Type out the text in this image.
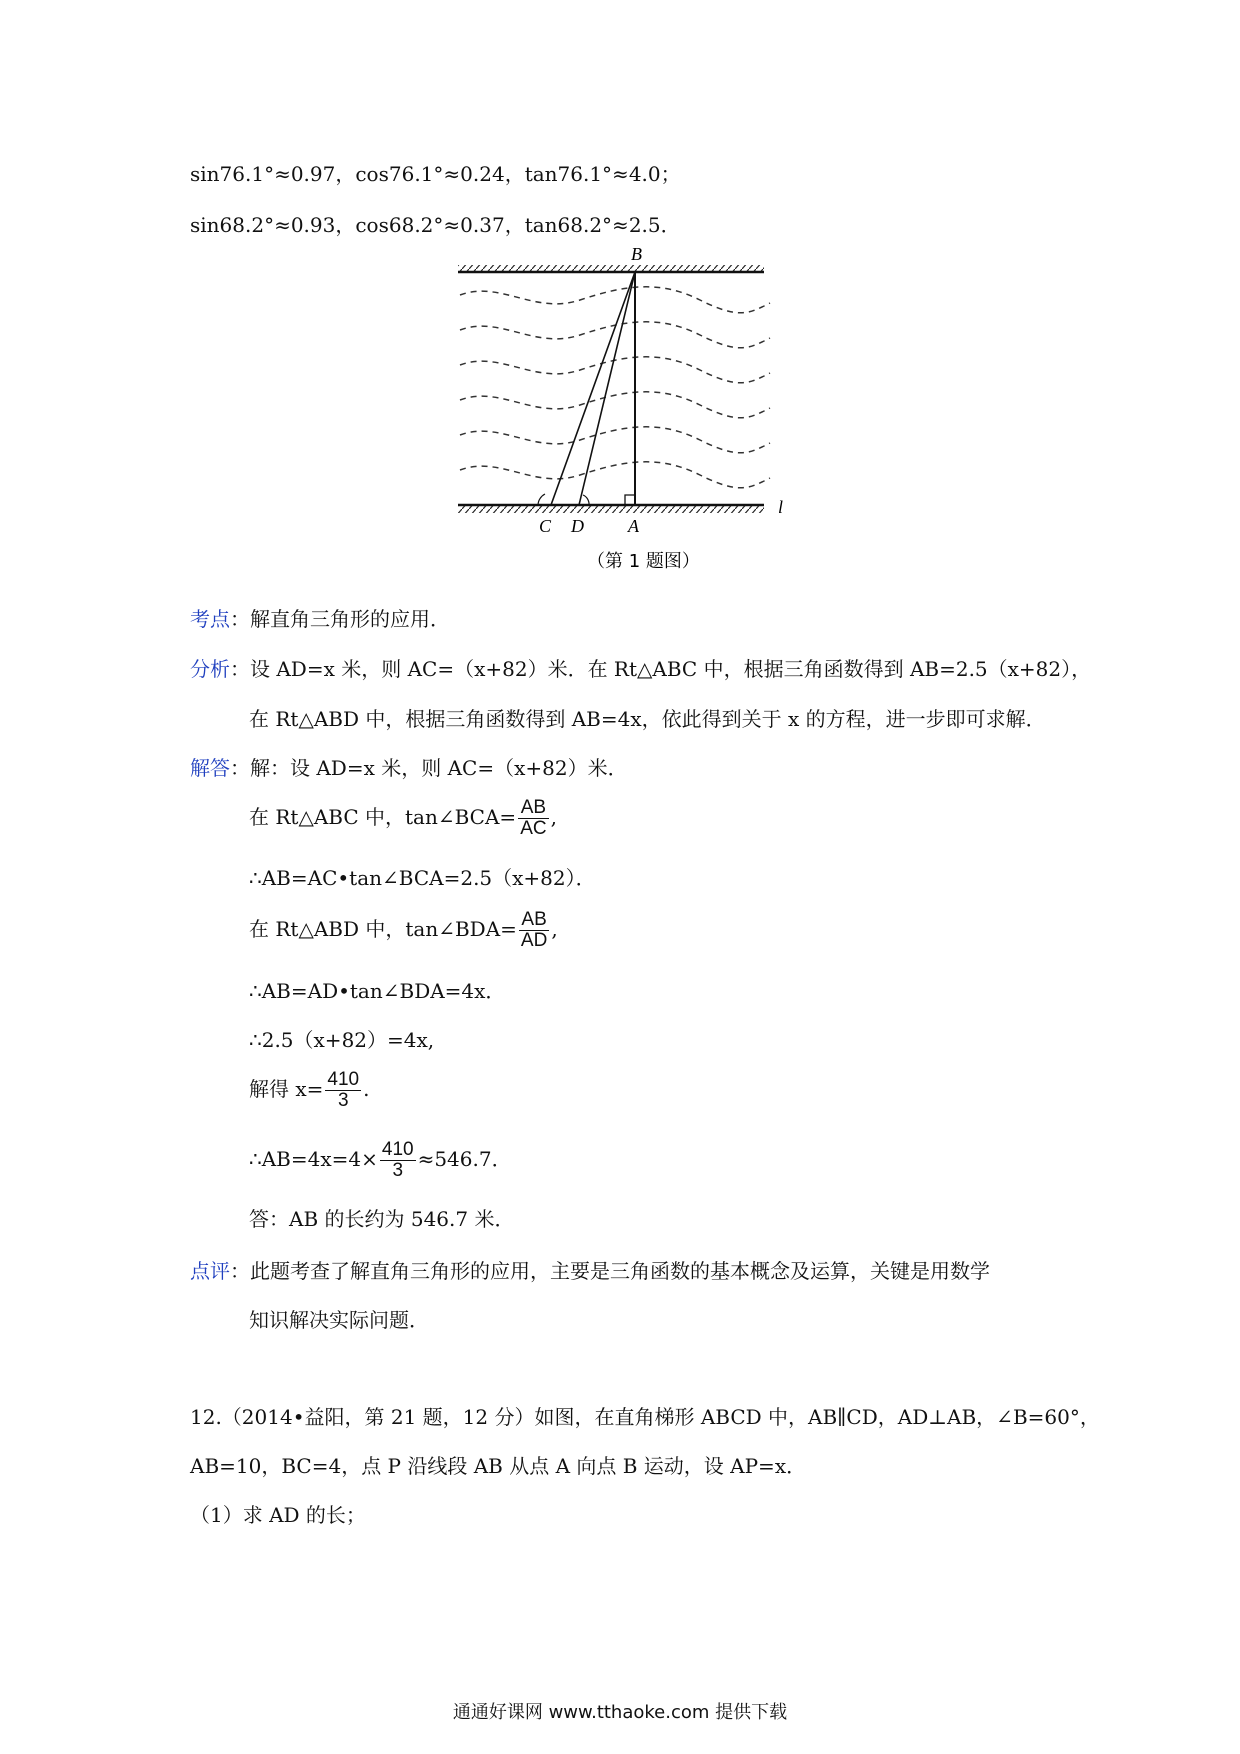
sin76.1°≈0.97，cos76.1°≈0.24，tan76.1°≈4.0；
sin68.2°≈0.93，cos68.2°≈0.37，tan68.2°≈2.5．
B
C D A
l
（第 1 题图）
考点：解直角三角形的应用．
分析：设 AD=x 米，则 AC=（x+82）米．在 Rt△ABC 中，根据三角函数得到 AB=2.5（x+82），
在 Rt△ABD 中，根据三角函数得到 AB=4x，依此得到关于 x 的方程，进一步即可求解．
解答：解：设 AD=x 米，则 AC=（x+82）米．
在 Rt△ABC 中，tan∠BCA= $\frac{AB}{AC}$ ,
∴AB=AC•tan∠BCA=2.5（x+82）．
在 Rt△ABD 中，tan∠BDA= $\frac{AB}{AD}$ ,
∴AB=AD•tan∠BDA=4x．
∴2.5（x+82）=4x,
解得 $x= \frac{410}{3}$ .
∴AB=4x=4× $\frac{410}{3} \approx 546.7$．
答：AB 的长约为 546.7 米．
点评：此题考查了解直角三角形的应用，主要是三角函数的基本概念及运算，关键是用数学
知识解决实际问题．
12.（2014•益阳，第 21 题，12 分）如图，在直角梯形 ABCD 中，AB∥CD，AD⊥AB，∠B=60°，
AB=10，BC=4，点 P 沿线段 AB 从点 A 向点 B 运动，设 AP=x．
（1）求 AD 的长；
通通好课网 www.tthaoke.com 提供下载
